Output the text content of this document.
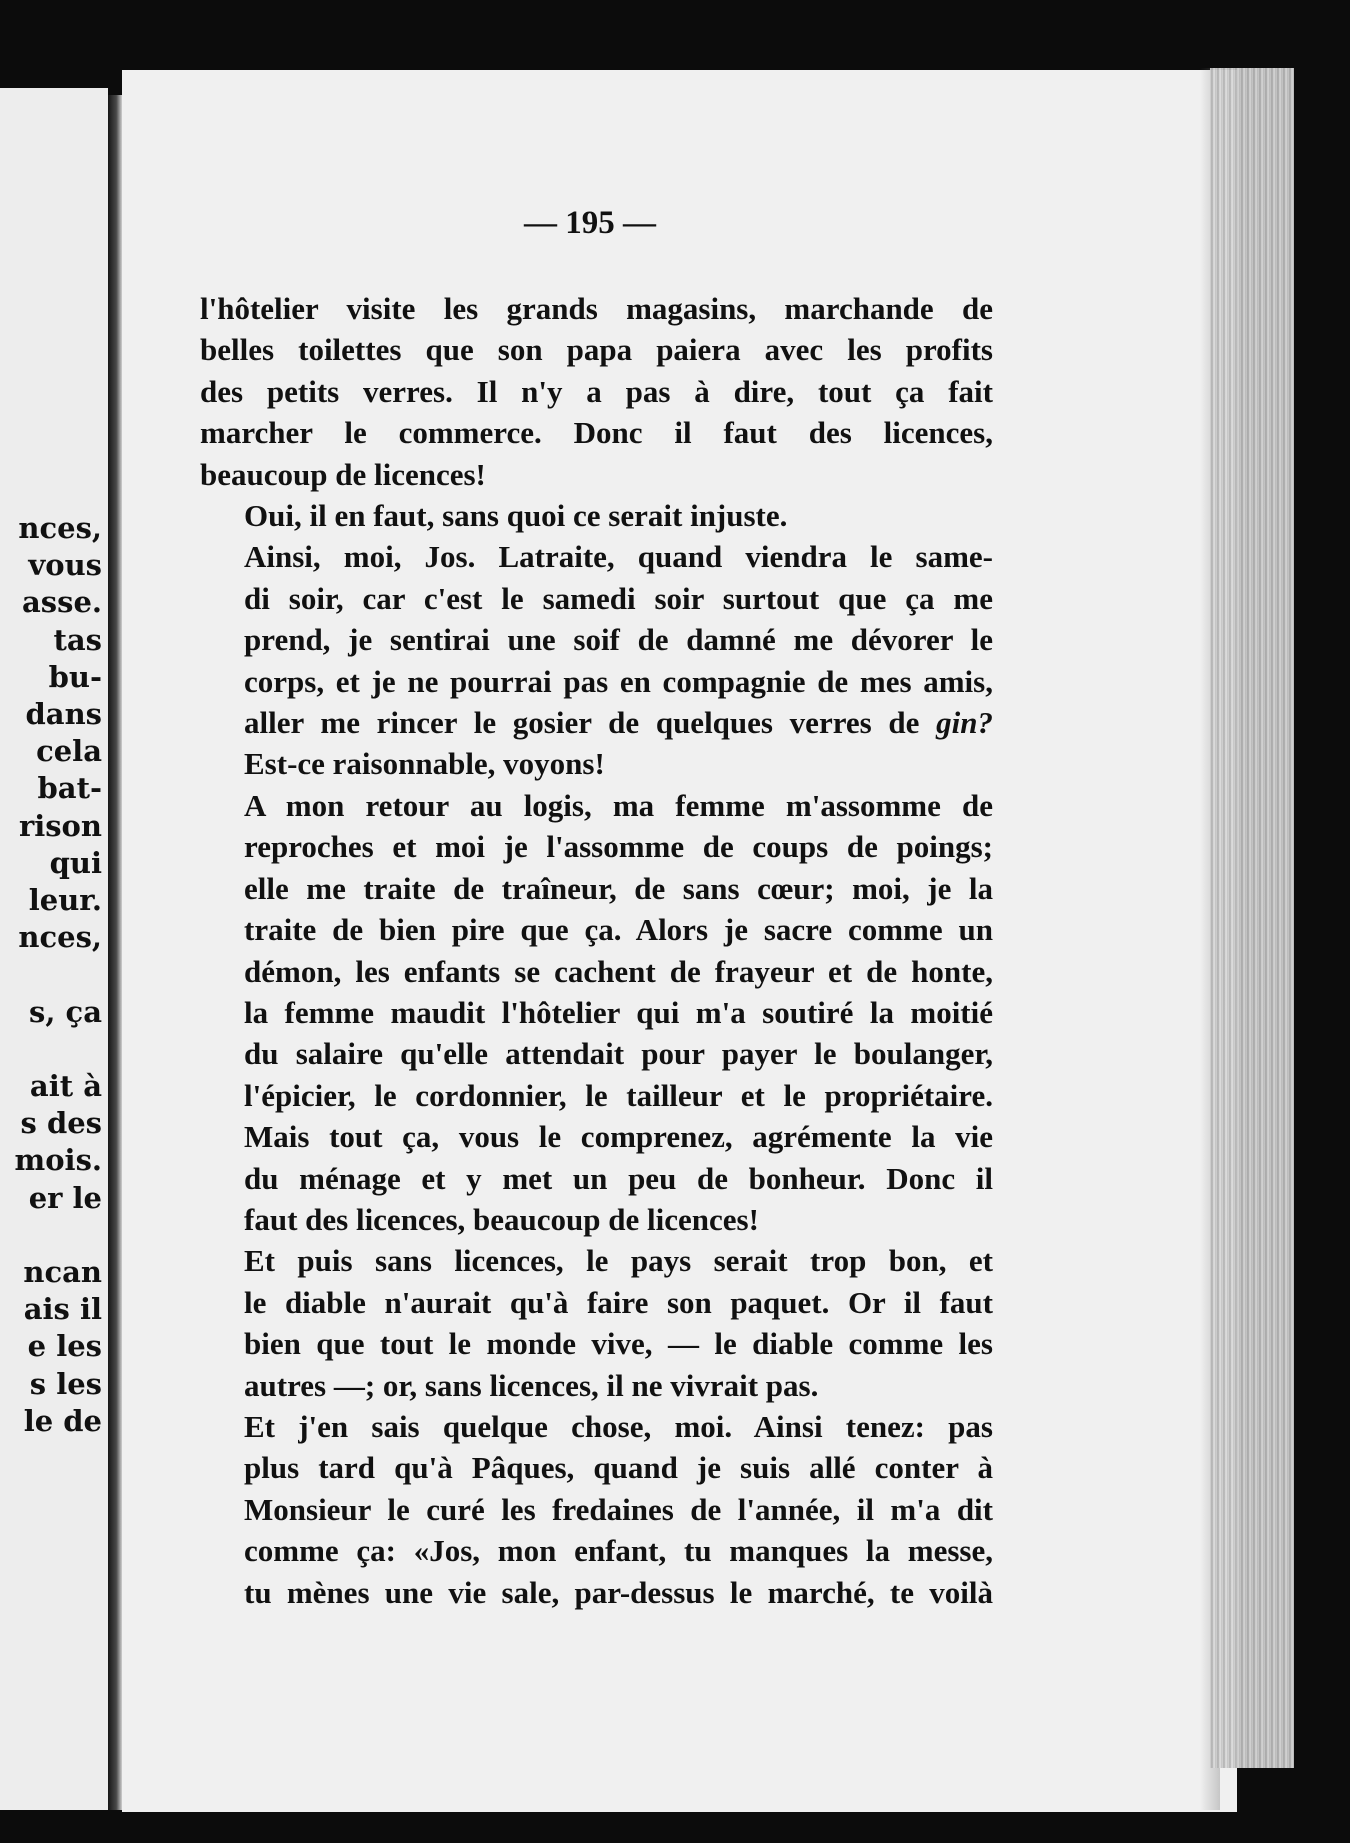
nces,
vous
asse.
tas
bu-
dans
cela
bat-
rison
qui
leur.
nces,
s, ça
ait à
s des
mois.
er le
ncan
ais il
e les
s les
le de
— 195 —
l'hôtelier visite les grands magasins, marchande de
belles toilettes que son papa paiera avec les profits
des petits verres. Il n'y a pas à dire, tout ça fait
marcher le commerce. Donc il faut des licences,
beaucoup de licences!
Oui, il en faut, sans quoi ce serait injuste.
Ainsi, moi, Jos. Latraite, quand viendra le same-
di soir, car c'est le samedi soir surtout que ça me
prend, je sentirai une soif de damné me dévorer le
corps, et je ne pourrai pas en compagnie de mes amis,
aller me rincer le gosier de quelques verres de gin?
Est-ce raisonnable, voyons!
A mon retour au logis, ma femme m'assomme de
reproches et moi je l'assomme de coups de poings;
elle me traite de traîneur, de sans cœur; moi, je la
traite de bien pire que ça. Alors je sacre comme un
démon, les enfants se cachent de frayeur et de honte,
la femme maudit l'hôtelier qui m'a soutiré la moitié
du salaire qu'elle attendait pour payer le boulanger,
l'épicier, le cordonnier, le tailleur et le propriétaire.
Mais tout ça, vous le comprenez, agrémente la vie
du ménage et y met un peu de bonheur. Donc il
faut des licences, beaucoup de licences!
Et puis sans licences, le pays serait trop bon, et
le diable n'aurait qu'à faire son paquet. Or il faut
bien que tout le monde vive, — le diable comme les
autres —; or, sans licences, il ne vivrait pas.
Et j'en sais quelque chose, moi. Ainsi tenez: pas
plus tard qu'à Pâques, quand je suis allé conter à
Monsieur le curé les fredaines de l'année, il m'a dit
comme ça: «Jos, mon enfant, tu manques la messe,
tu mènes une vie sale, par-dessus le marché, te voilà
